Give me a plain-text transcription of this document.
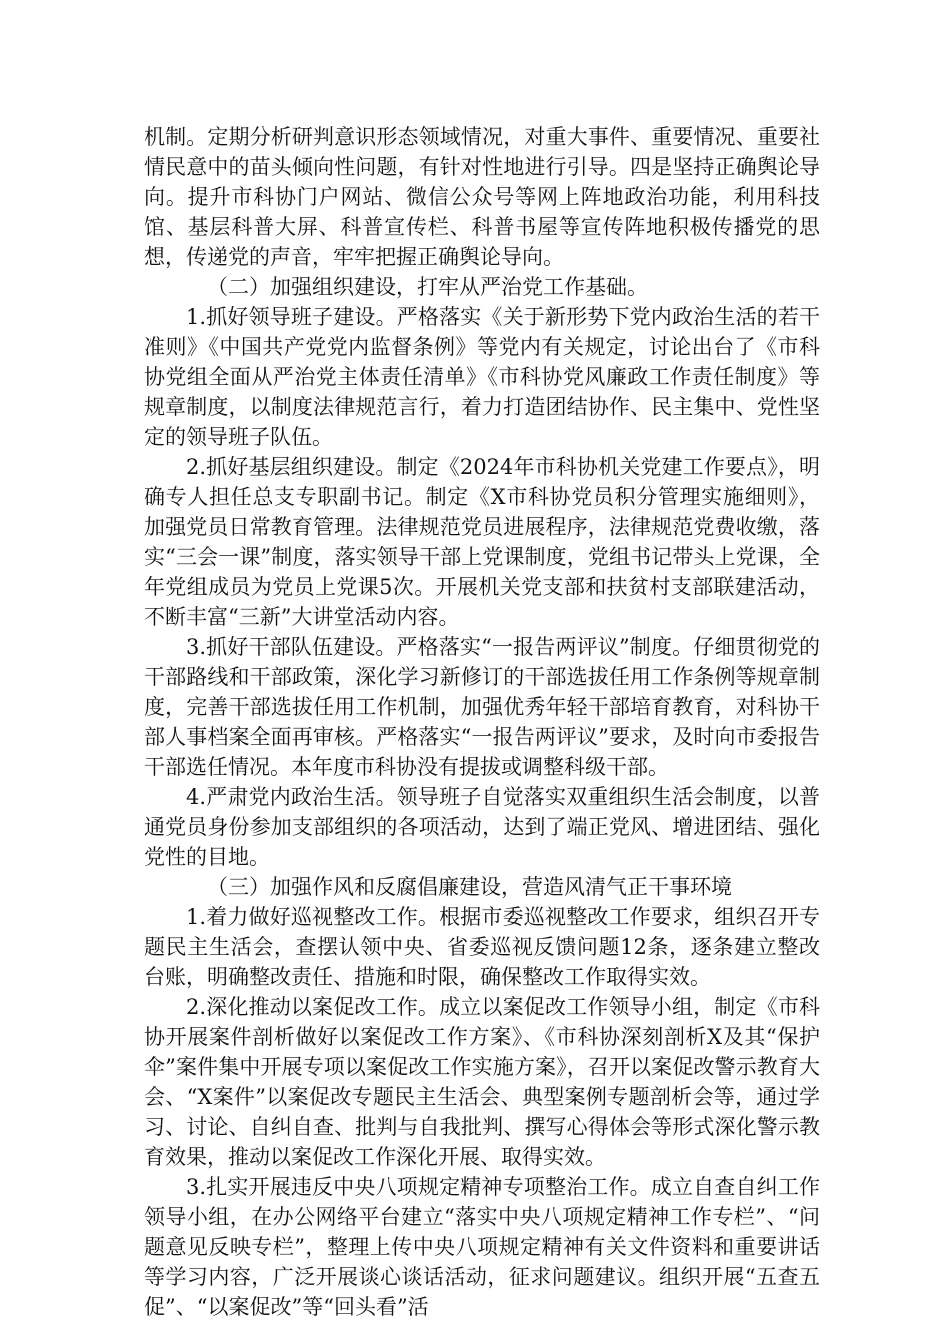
机制。定期分析研判意识形态领域情况，对重大事件、重要情况、重要社情民意中的苗头倾向性问题，有针对性地进行引导。四是坚持正确舆论导向。提升市科协门户网站、微信公众号等网上阵地政治功能，利用科技馆、基层科普大屏、科普宣传栏、科普书屋等宣传阵地积极传播党的思想，传递党的声音，牢牢把握正确舆论导向。

（二）加强组织建设，打牢从严治党工作基础。

1.抓好领导班子建设。严格落实《关于新形势下党内政治生活的若干准则》《中国共产党党内监督条例》等党内有关规定，讨论出台了《市科协党组全面从严治党主体责任清单》《市科协党风廉政工作责任制度》等规章制度，以制度法律规范言行，着力打造团结协作、民主集中、党性坚定的领导班子队伍。

2.抓好基层组织建设。制定《2024年市科协机关党建工作要点》，明确专人担任总支专职副书记。制定《X市科协党员积分管理实施细则》，加强党员日常教育管理。法律规范党员进展程序，法律规范党费收缴，落实“三会一课”制度，落实领导干部上党课制度，党组书记带头上党课，全年党组成员为党员上党课5次。开展机关党支部和扶贫村支部联建活动，不断丰富“三新”大讲堂活动内容。

3.抓好干部队伍建设。严格落实“一报告两评议”制度。仔细贯彻党的干部路线和干部政策，深化学习新修订的干部选拔任用工作条例等规章制度，完善干部选拔任用工作机制，加强优秀年轻干部培育教育，对科协干部人事档案全面再审核。严格落实“一报告两评议”要求，及时向市委报告干部选任情况。本年度市科协没有提拔或调整科级干部。

4.严肃党内政治生活。领导班子自觉落实双重组织生活会制度，以普通党员身份参加支部组织的各项活动，达到了端正党风、增进团结、强化党性的目地。

（三）加强作风和反腐倡廉建设，营造风清气正干事环境

1.着力做好巡视整改工作。根据市委巡视整改工作要求，组织召开专题民主生活会，查摆认领中央、省委巡视反馈问题12条，逐条建立整改台账，明确整改责任、措施和时限，确保整改工作取得实效。

2.深化推动以案促改工作。成立以案促改工作领导小组，制定《市科协开展案件剖析做好以案促改工作方案》、《市科协深刻剖析X及其“保护伞”案件集中开展专项以案促改工作实施方案》，召开以案促改警示教育大会、“X案件”以案促改专题民主生活会、典型案例专题剖析会等，通过学习、讨论、自纠自查、批判与自我批判、撰写心得体会等形式深化警示教育效果，推动以案促改工作深化开展、取得实效。

3.扎实开展违反中央八项规定精神专项整治工作。成立自查自纠工作领导小组，在办公网络平台建立“落实中央八项规定精神工作专栏”、“问题意见反映专栏”，整理上传中央八项规定精神有关文件资料和重要讲话等学习内容，广泛开展谈心谈话活动，征求问题建议。组织开展“五查五促”、“以案促改”等“回头看”活
